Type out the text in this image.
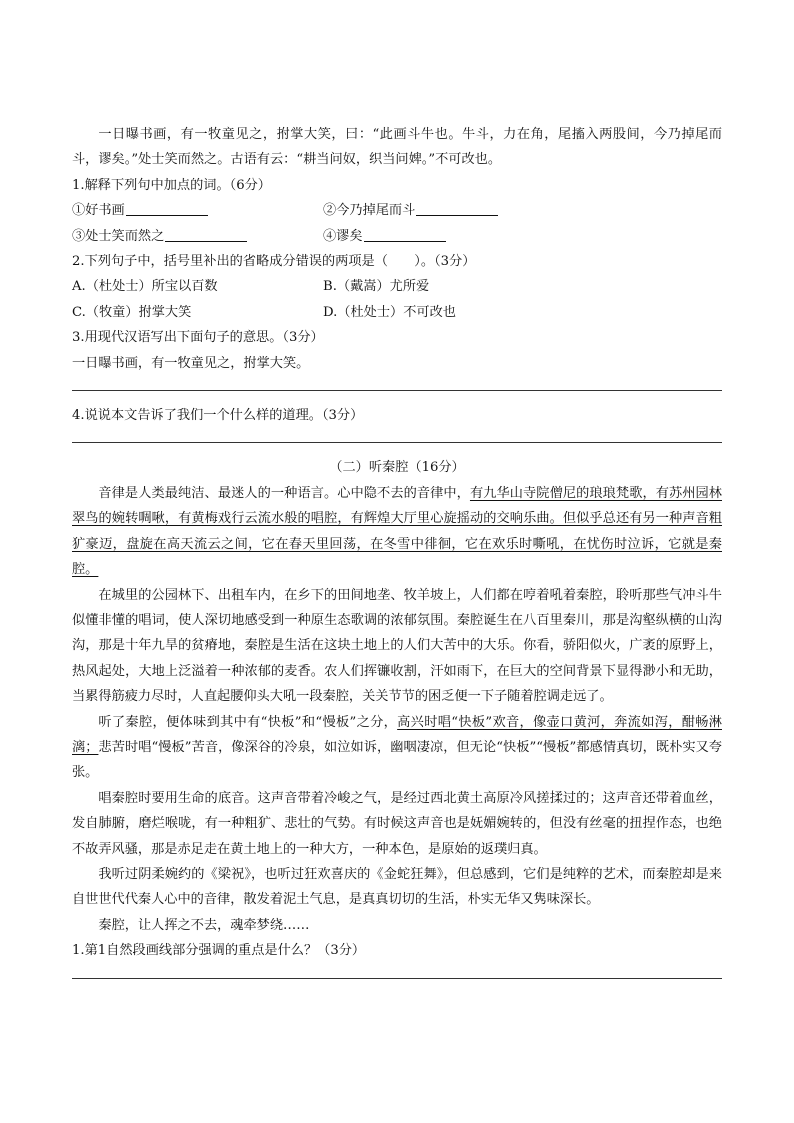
一日曝书画，有一牧童见之，拊掌大笑，曰：“此画斗牛也。牛斗，力在角，尾搐入两股间，今乃掉尾而斗，谬矣。”处士笑而然之。古语有云：“耕当问奴，织当问婢。”不可改也。

1.解释下列句中加点的词。（6分）

①好书画	②今乃掉尾而斗
③处士笑而然之	④谬矣

2.下列句子中，括号里补出的省略成分错误的两项是（　　）。（3分）

A.（杜处士）所宝以百数	B.（戴嵩）尤所爱
C.（牧童）拊掌大笑	D.（杜处士）不可改也

3.用现代汉语写出下面句子的意思。（3分）

一日曝书画，有一牧童见之，拊掌大笑。

4.说说本文告诉了我们一个什么样的道理。（3分）

（二）听秦腔（16分）

音律是人类最纯洁、最迷人的一种语言。心中隐不去的音律中，有九华山寺院僧尼的琅琅梵歌，有苏州园林翠鸟的婉转啁啾，有黄梅戏行云流水般的唱腔，有辉煌大厅里心旋摇动的交响乐曲。但似乎总还有另一种声音粗犷豪迈，盘旋在高天流云之间，它在春天里回荡，在冬雪中徘徊，它在欢乐时嘶吼，在忧伤时泣诉，它就是秦腔。

在城里的公园林下、出租车内，在乡下的田间地垄、牧羊坡上，人们都在哼着吼着秦腔，聆听那些气冲斗牛似懂非懂的唱词，使人深切地感受到一种原生态歌调的浓郁氛围。秦腔诞生在八百里秦川，那是沟壑纵横的山沟沟，那是十年九旱的贫瘠地，秦腔是生活在这块土地上的人们大苦中的大乐。你看，骄阳似火，广袤的原野上，热风起处，大地上泛溢着一种浓郁的麦香。农人们挥镰收割，汗如雨下，在巨大的空间背景下显得渺小和无助，当累得筋疲力尽时，人直起腰仰头大吼一段秦腔，关关节节的困乏便一下子随着腔调走远了。

听了秦腔，便体味到其中有“快板”和“慢板”之分，高兴时唱“快板”欢音，像壶口黄河，奔流如泻，酣畅淋漓；悲苦时唱“慢板”苦音，像深谷的冷泉，如泣如诉，幽咽凄凉，但无论“快板”“慢板”都感情真切，既朴实又夸张。

唱秦腔时要用生命的底音。这声音带着冷峻之气，是经过西北黄土高原冷风搓揉过的；这声音还带着血丝，发自肺腑，磨烂喉咙，有一种粗犷、悲壮的气势。有时候这声音也是妩媚婉转的，但没有丝毫的扭捏作态，也绝不故弄风骚，那是赤足走在黄土地上的一种大方，一种本色，是原始的返璞归真。

我听过阴柔婉约的《梁祝》，也听过狂欢喜庆的《金蛇狂舞》，但总感到，它们是纯粹的艺术，而秦腔却是来自世世代代秦人心中的音律，散发着泥土气息，是真真切切的生活，朴实无华又隽味深长。

秦腔，让人挥之不去，魂牵梦绕……

1.第1自然段画线部分强调的重点是什么？（3分）
